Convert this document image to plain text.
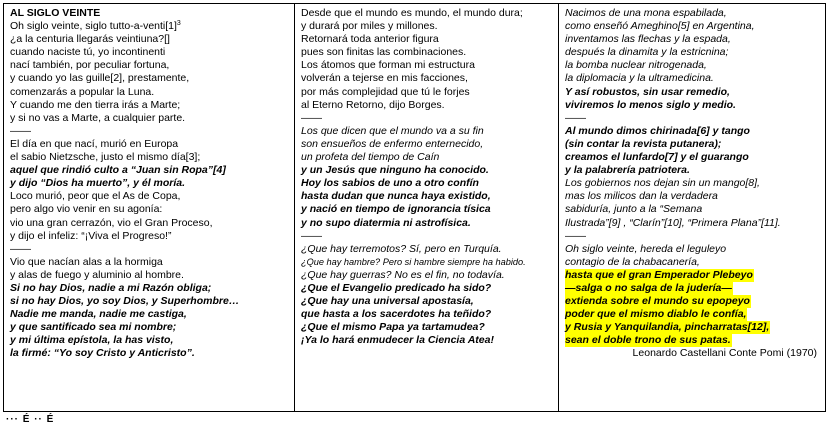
AL SIGLO VEINTE
Oh siglo veinte, siglo tutto-$a-venti[1]^3$
¿a la centuria llegarás veintiuna?[]
cuando naciste tú, yo incontinenti
nací también, por peculiar fortuna,
y cuando yo las guille[2], prestamente,
comenzarás a popular la Luna.
Y cuando me den tierra irás a Marte;
y si no vas a Marte, a cualquier parte.
——
El día en que nací, murió en Europa
el sabio Nietzsche, justo el mismo día[3];
aquel que rindió culto a “Juan sin Ropa”[4]
y dijo “Dios ha muerto”, y él moría.
Loco murió, peor que el As de Copa,
pero algo vio venir en su agonía:
vio una gran cerrazón, vio el Gran Proceso,
y dijo el infeliz: “¡Viva el Progreso!”
——
Vio que nacían alas a la hormiga
y alas de fuego y aluminio al hombre.
Si no hay Dios, nadie a mi Razón obliga;
si no hay Dios, yo soy Dios, y Superhombre…
Nadie me manda, nadie me castiga,
y que santificado sea mi nombre;
y mi última epístola, la has visto,
la firmé: “Yo soy Cristo y Anticristo”.
Desde que el mundo es mundo, el mundo dura;
y durará por miles y millones.
Retornará toda anterior figura
pues son finitas las combinaciones.
Los átomos que forman mi estructura
volverán a tejerse en mis facciones,
por más complejidad que tú le forjes
al Eterno Retorno, dijo Borges.
——
Los que dicen que el mundo va a su fin
son ensueños de enfermo enternecido,
un profeta del tiempo de Caín
y un Jesús que ninguno ha conocido.
Hoy los sabios de uno a otro confín
hasta dudan que nunca haya existido,
y nació en tiempo de ignorancia tísica
y no supo diatermia ni astrofísica.
——
¿Que hay terremotos? Sí, pero en Turquía.
¿Que hay hambre? Pero si hambre siempre ha habido.
¿Que hay guerras? No es el fin, no todavía.
¿Que el Evangelio predicado ha sido?
¿Que hay una universal apostasía,
que hasta a los sacerdotes ha teñido?
¿Que el mismo Papa ya tartamudea?
¡Ya lo hará enmudecer la Ciencia Atea!
Nacimos de una mona espabilada,
como enseñó Ameghino[5] en Argentina,
inventamos las flechas y la espada,
después la dinamita y la estricnina;
la bomba nuclear nitrogenada,
la diplomacia y la ultramedicina.
Y así robustos, sin usar remedio,
viviremos lo menos siglo y medio.
——
Al mundo dimos chirinada[6] y tango
(sin contar la revista putanera);
creamos el lunfardo[7] y el guarango
y la palabrería patriotera.
Los gobiernos nos dejan sin un mango[8],
mas los milicos dan la verdadera
sabiduría, junto a la “Semana
Ilustrada”[9] , “Clarín”[10], “Primera Plana”[11].
——
Oh siglo veinte, hereda el leguleyo
contagio de la chabacanería,
hasta que el gran Emperador Plebeyo
—salga o no salga de la judería—
extienda sobre el mundo su epopeyo
poder que el mismo diablo le confía,
y Rusia y Yanquilandia, pincharratas[12],
sean el doble trono de sus patas.
Leonardo Castellani Conte Pomi (1970)
··· É ·· É
